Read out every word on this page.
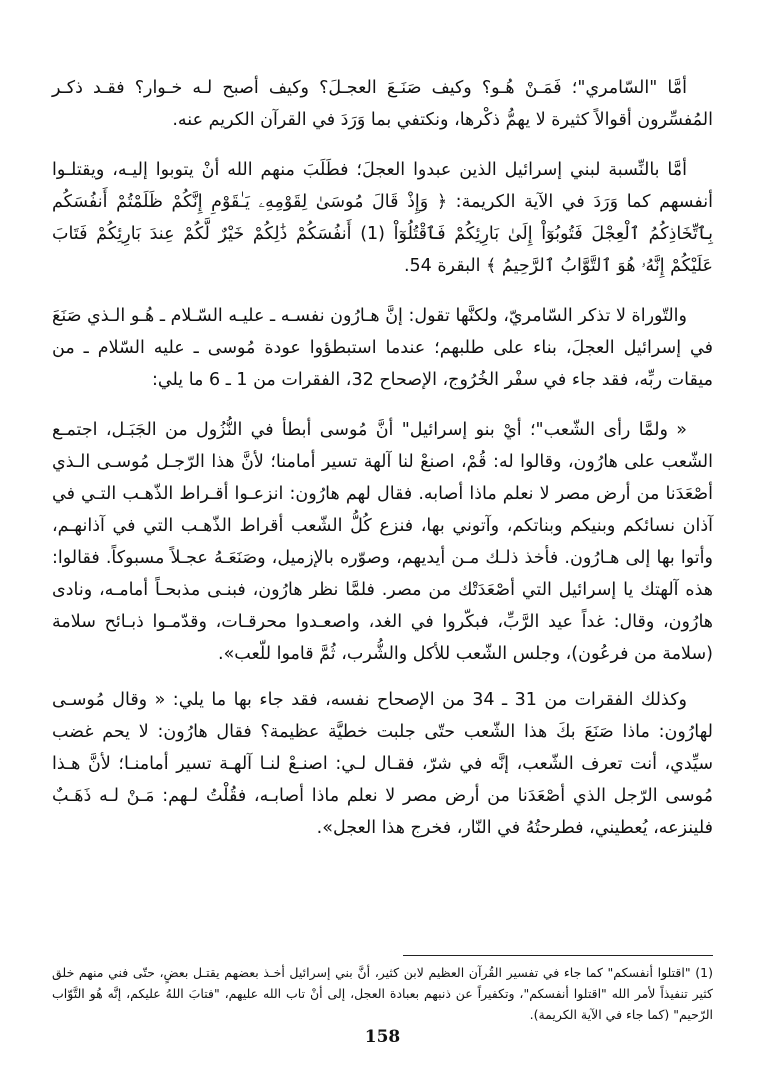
أمَّا "السّامري"؛ فَمَـنْ هُـو؟ وكيف صَنَـعَ العجـلَ؟ وكيف أصبح لـه خـوار؟ فقـد ذكـر المُفسِّرون أقوالاً كثيرة لا يهمُّ ذكْرها، ونكتفي بما وَرَدَ في القرآن الكريم عنه.

أمَّا بالنِّسبة لبني إسرائيل الذين عبدوا العجلَ؛ فطَلَبَ منهم الله أنْ يتوبوا إليـه، ويقتلـوا أنفسهم كما وَرَدَ في الآية الكريمة: ﴿ وَإِذْ قَالَ مُوسَىٰ لِقَوْمِهِۦ يَـٰقَوْمِ إِنَّكُمْ ظَلَمْتُمْ أَنفُسَكُم بِٱتِّخَاذِكُمُ ٱلْعِجْلَ فَتُوبُوٓاْ إِلَىٰ بَارِئِكُمْ فَٱقْتُلُوٓاْ (1) أَنفُسَكُمْ ذَٰلِكُمْ خَيْرٌ لَّكُمْ عِندَ بَارِئِكُمْ فَتَابَ عَلَيْكُمْ إِنَّهُۥ هُوَ ٱلتَّوَّابُ ٱلرَّحِيمُ ﴾ البقرة 54.

والتّوراة لا تذكر السّامريّ، ولكنَّها تقول: إنَّ هـارُون نفسـه ـ عليـه السّـلام ـ هُـو الـذي صَنَعَ في إسرائيل العجلَ، بناء على طلبهم؛ عندما استبطؤوا عودة مُوسى ـ عليه السّلام ـ من ميقات ربِّه، فقد جاء في سفْر الخُرُوج، الإصحاح 32، الفقرات من 1 ـ 6 ما يلي:

« ولمَّا رأى الشّعب"؛ أيْ بنو إسرائيل" أنَّ مُوسى أبطأ في النُّزُول من الجَبَـل، اجتمـع الشّعب على هارُون، وقالوا له: قُمْ، اصنعْ لنا آلهة تسير أمامنا؛ لأنَّ هذا الرّجـل مُوسـى الـذي أصْعَدَنا من أرض مصر لا نعلم ماذا أصابه. فقال لهم هارُون: انزعـوا أقـراط الذّهـب التـي في آذان نسائكم وبنيكم وبناتكم، وآتوني بها، فنزع كُلُّ الشّعب أقراط الذّهـب التي في آذانهـم، وأتوا بها إلى هـارُون. فأخذ ذلـك مـن أيديهم، وصوّره بالإزميل، وصَنَعَـهُ عجـلاً مسبوكاً. فقالوا: هذه آلهتك يا إسرائيل التي أصْعَدَتْك من مصر. فلمَّا نظر هارُون، فبنـى مذبحـاً أمامـه، ونادى هارُون، وقال: غداً عيد الرَّبِّ، فبكّروا في الغد، واصعـدوا محرقـات، وقدّمـوا ذبـائح سلامة (سلامة من فرعُون)، وجلس الشّعب للأكل والشُّرب، ثُمَّ قاموا للّعب».

وكذلك الفقرات من 31 ـ 34 من الإصحاح نفسه، فقد جاء بها ما يلي: « وقال مُوسـى لهارُون: ماذا صَنَعَ بكَ هذا الشّعب حتّى جلبت خطيَّة عظيمة؟ فقال هارُون: لا يحم غضب سيِّدي، أنت تعرف الشّعب، إنَّه في شرّ، فقـال لـي: اصنـعْ لنـا آلهـة تسير أمامنـا؛ لأنَّ هـذا مُوسى الرّجل الذي أصْعَدَنا من أرض مصر لا نعلم ماذا أصابـه، فقُلْتُ لـهم: مَـنْ لـه ذَهَـبٌ فلينزعه، يُعطيني، فطرحتُهُ في النّار، فخرج هذا العجل».

(1) "اقتلوا أنفسكم" كما جاء في تفسير القُرآن العظيم لابن كثير، أنَّ بني إسرائيل أخـذ بعضهم يقتـل بعضٍ، حتّى فني منهم خلق كثير تنفيذاً لأمر الله "اقتلوا أنفسكم"، وتكفيراً عن ذنبهم بعبادة العجل، إلى أنْ تاب الله عليهم، "فتابَ اللهُ عليكم، إنَّه هُو التَّوّاب الرّحيم" (كما جاء في الآية الكريمة).
158
